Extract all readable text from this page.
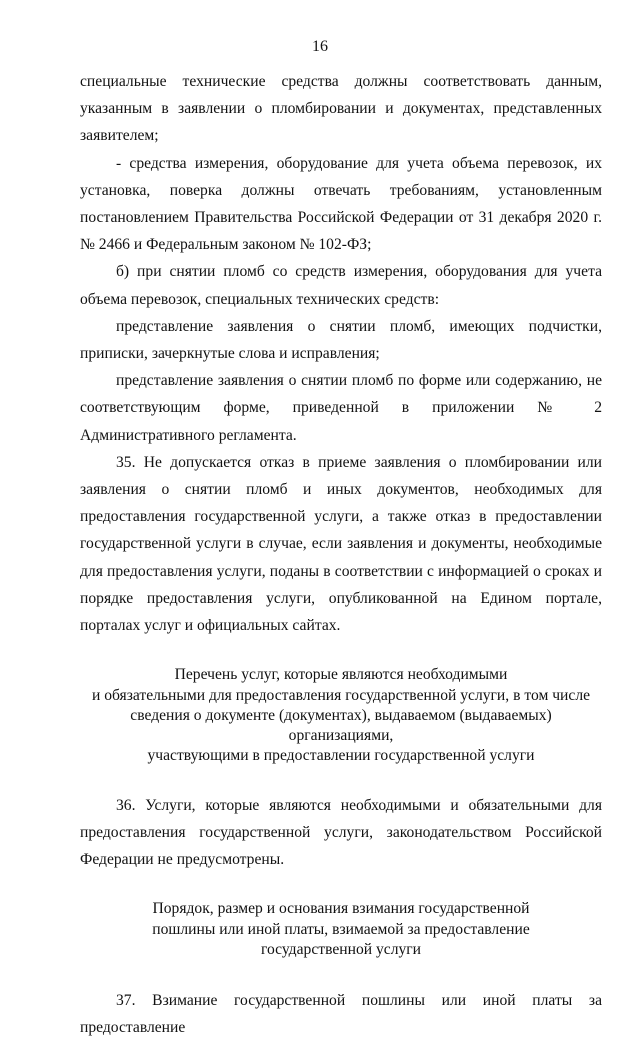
16

специальные технические средства должны соответствовать данным, указанным в заявлении о пломбировании и документах, представленных заявителем;

- средства измерения, оборудование для учета объема перевозок, их установка, поверка должны отвечать требованиям, установленным постановлением Правительства Российской Федерации от 31 декабря 2020 г. № 2466 и Федеральным законом № 102-ФЗ;

б) при снятии пломб со средств измерения, оборудования для учета объема перевозок, специальных технических средств:

представление заявления о снятии пломб, имеющих подчистки, приписки, зачеркнутые слова и исправления;

представление заявления о снятии пломб по форме или содержанию, не соответствующим форме, приведенной в приложении № 2 Административного регламента.

35. Не допускается отказ в приеме заявления о пломбировании или заявления о снятии пломб и иных документов, необходимых для предоставления государственной услуги, а также отказ в предоставлении государственной услуги в случае, если заявления и документы, необходимые для предоставления услуги, поданы в соответствии с информацией о сроках и порядке предоставления услуги, опубликованной на Едином портале, порталах услуг и официальных сайтах.

Перечень услуг, которые являются необходимыми
и обязательными для предоставления государственной услуги, в том числе
сведения о документе (документах), выдаваемом (выдаваемых) организациями,
участвующими в предоставлении государственной услуги

36. Услуги, которые являются необходимыми и обязательными для предоставления государственной услуги, законодательством Российской Федерации не предусмотрены.

Порядок, размер и основания взимания государственной
пошлины или иной платы, взимаемой за предоставление
государственной услуги

37. Взимание государственной пошлины или иной платы за предоставление
